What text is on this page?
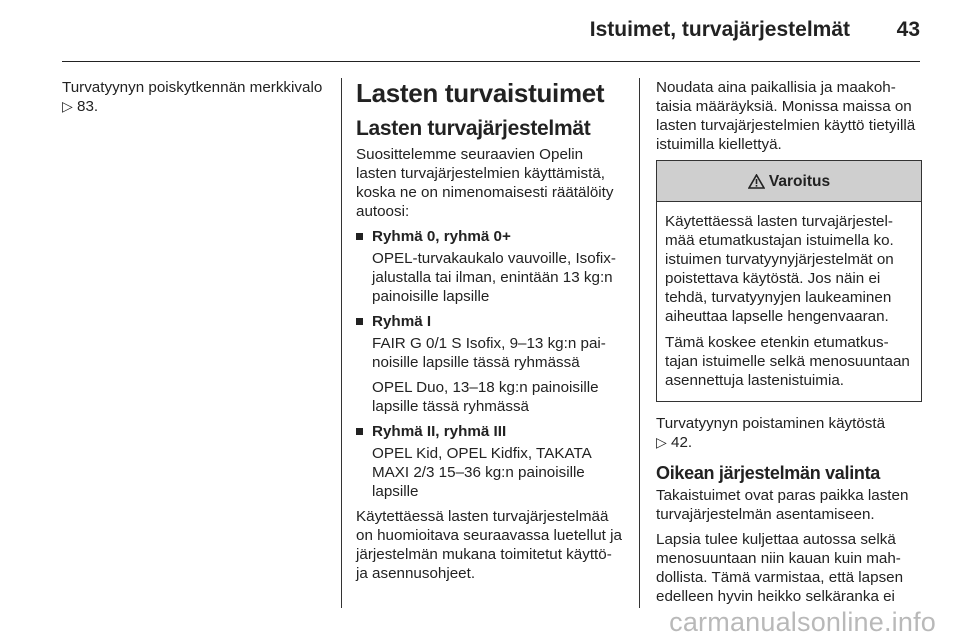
Istuimet, turvajärjestelmät 43

Turvatyynyn poiskytkennän merkkivalo ▷ 83.	Lasten turvaistuimet
Lasten turvajärjestelmät

Suosittelemme seuraavien Opelin lasten turvajärjestelmien käyttämistä, koska ne on nimenomaisesti räätälöity autoosi:

Ryhmä 0, ryhmä 0+

OPEL-turvakaukalo vauvoille, Isofix-jalustalla tai ilman, enintään 13 kg:n painoisille lapsille

Ryhmä I

FAIR G 0/1 S Isofix, 9–13 kg:n painoisille lapsille tässä ryhmässä

OPEL Duo, 13–18 kg:n painoisille lapsille tässä ryhmässä

Ryhmä II, ryhmä III

OPEL Kid, OPEL Kidfix, TAKATA MAXI 2/3 15–36 kg:n painoisille lapsille

Käytettäessä lasten turvajärjestelmää on huomioitava seuraavassa luetellut ja järjestelmän mukana toimitetut käyttö- ja asennusohjeet.

Noudata aina paikallisia ja maakohtaisia määräyksiä. Monissa maissa on lasten turvajärjestelmien käyttö tietyillä istuimilla kiellettyä.

Varoitus

Käytettäessä lasten turvajärjestelmää etumatkustajan istuimella ko. istuimen turvatyynyjärjestelmät on poistettava käytöstä. Jos näin ei tehdä, turvatyynyjen laukeaminen aiheuttaa lapselle hengenvaaran.

Tämä koskee etenkin etumatkustajan istuimelle selkä menosuuntaan asennettuja lastenistuimia.

Turvatyynyn poistaminen käytöstä
▷ 42.

Oikean järjestelmän valinta

Takaistuimet ovat paras paikka lasten turvajärjestelmän asentamiseen.

Lapsia tulee kuljettaa autossa selkä menosuuntaan niin kauan kuin mahdollista. Tämä varmistaa, että lapsen edelleen hyvin heikko selkäranka ei

carmanualsonline.info
